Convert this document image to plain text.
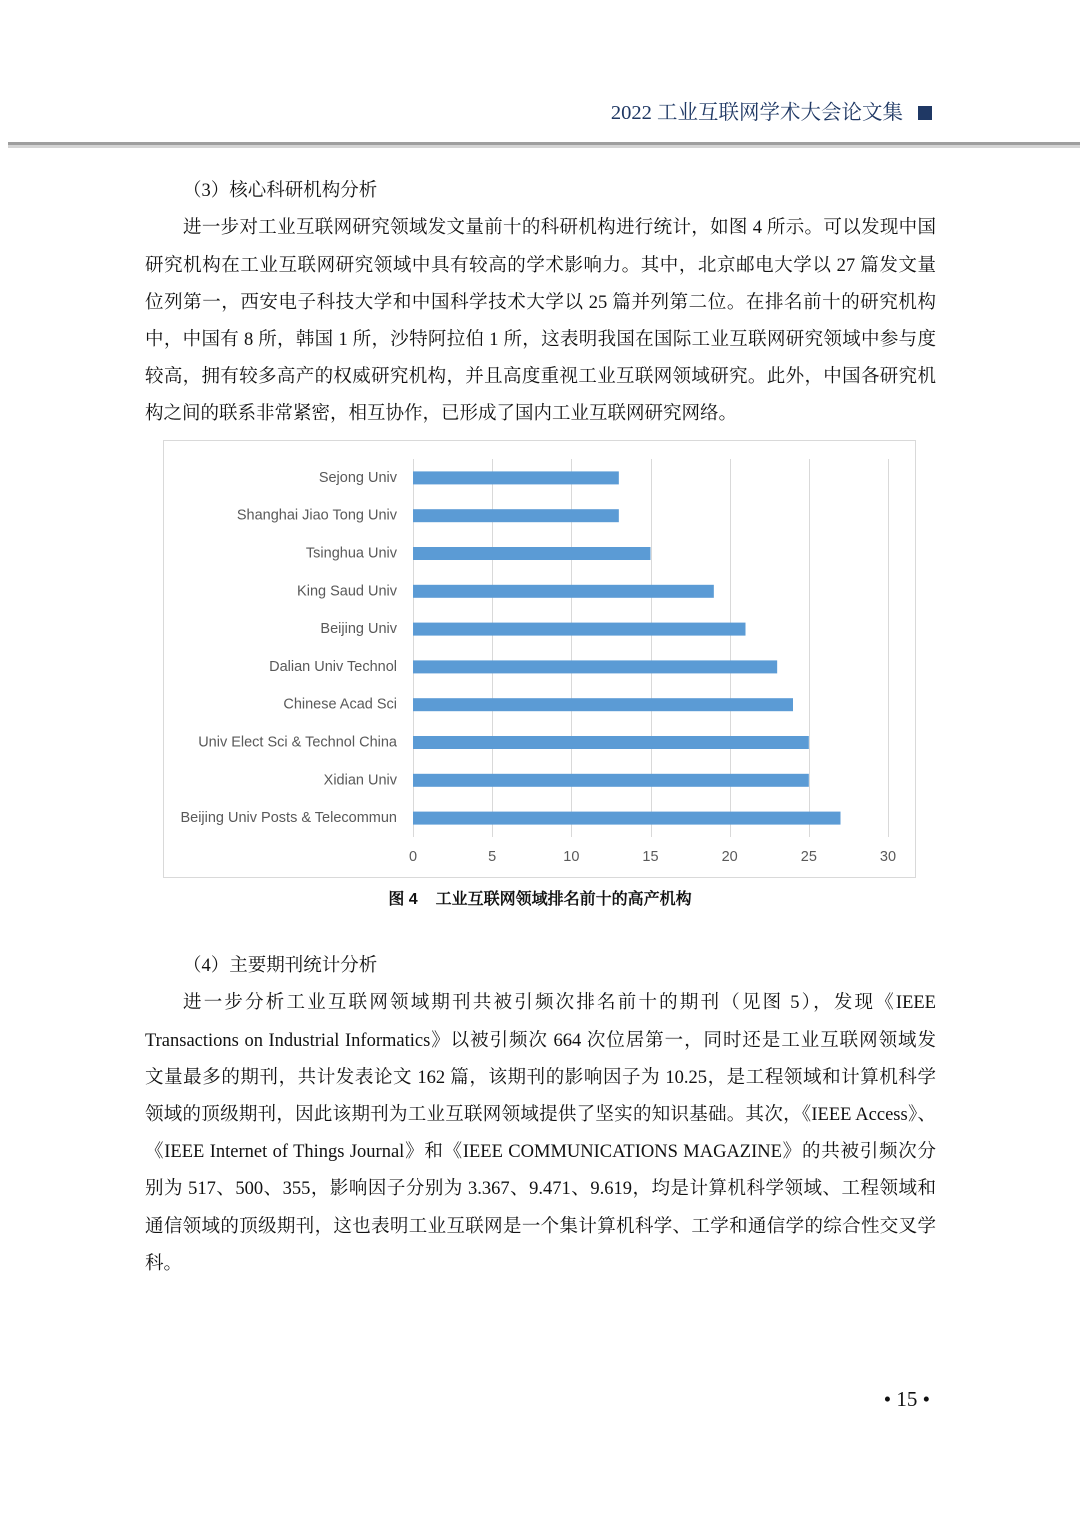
2022 工业互联网学术大会论文集
（3）核心科研机构分析
进一步对工业互联网研究领域发文量前十的科研机构进行统计，如图 4 所示。可以发现中国
研究机构在工业互联网研究领域中具有较高的学术影响力。其中，北京邮电大学以 27 篇发文量
位列第一，西安电子科技大学和中国科学技术大学以 25 篇并列第二位。在排名前十的研究机构
中，中国有 8 所，韩国 1 所，沙特阿拉伯 1 所，这表明我国在国际工业互联网研究领域中参与度
较高，拥有较多高产的权威研究机构，并且高度重视工业互联网领域研究。此外，中国各研究机
构之间的联系非常紧密，相互协作，已形成了国内工业互联网研究网络。
0	5	10	15	20	25	30
Sejong Univ
Shanghai Jiao Tong Univ
Tsinghua Univ
King Saud Univ
Beijing Univ
Dalian Univ Technol
Chinese Acad Sci
Univ Elect Sci & Technol China
Xidian Univ
Beijing Univ Posts & Telecommun
图 4 工业互联网领域排名前十的高产机构
（4）主要期刊统计分析
进一步分析工业互联网领域期刊共被引频次排名前十的期刊（见图 5），发现《IEEE
Transactions on Industrial Informatics》以被引频次 664 次位居第一，同时还是工业互联网领域发
文量最多的期刊，共计发表论文 162 篇，该期刊的影响因子为 10.25，是工程领域和计算机科学
领域的顶级期刊，因此该期刊为工业互联网领域提供了坚实的知识基础。其次，《IEEE Access》、
《IEEE Internet of Things Journal》和《IEEE COMMUNICATIONS MAGAZINE》的共被引频次分
别为 517、500、355，影响因子分别为 3.367、9.471、9.619，均是计算机科学领域、工程领域和
通信领域的顶级期刊，这也表明工业互联网是一个集计算机科学、工学和通信学的综合性交叉学
科。
• 15 •
